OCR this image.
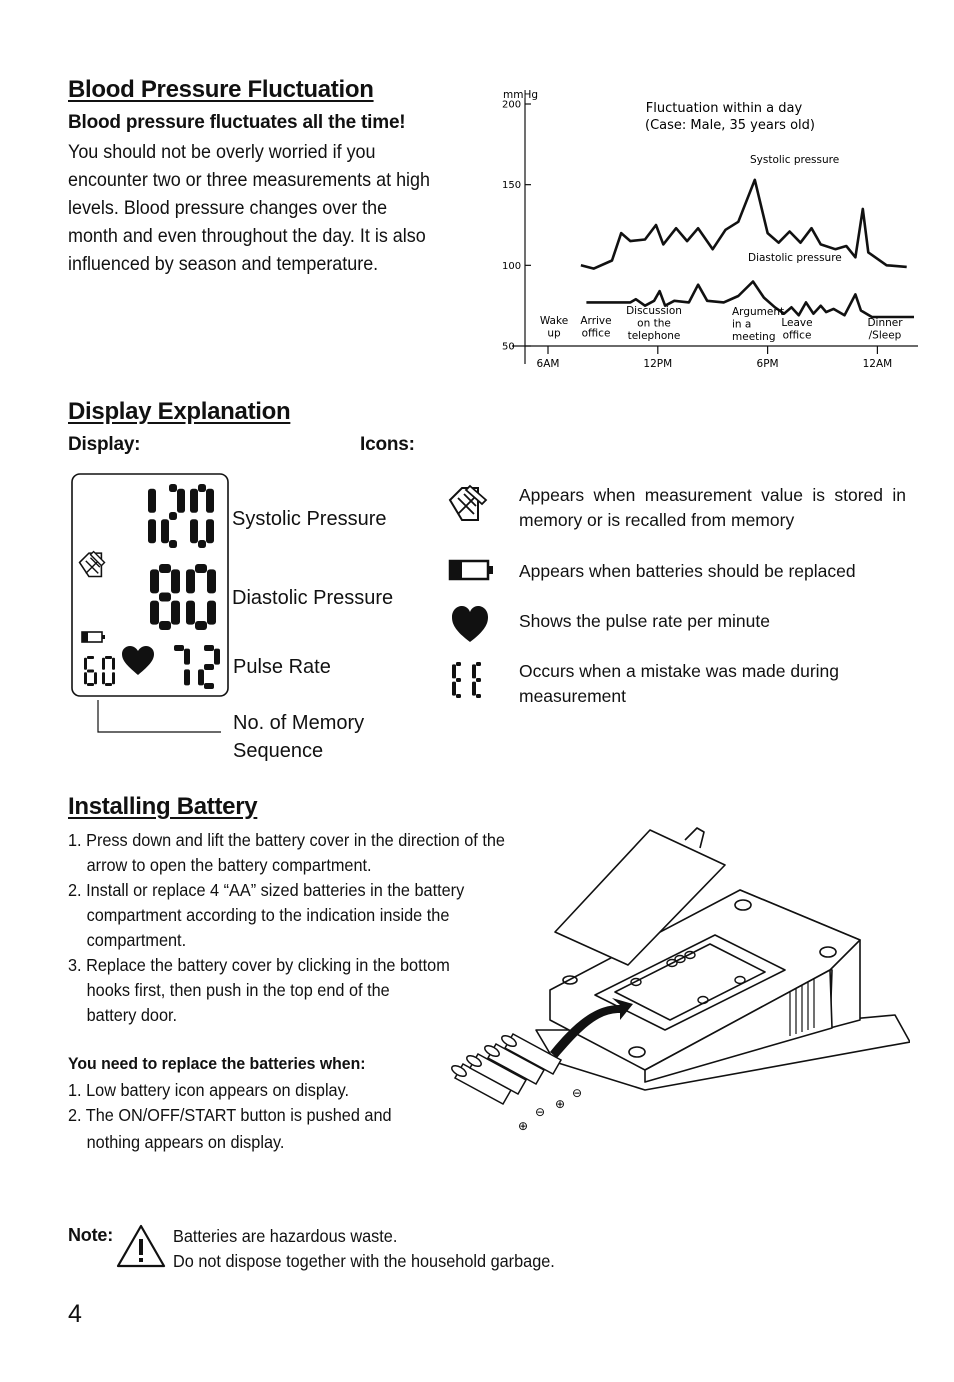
Blood Pressure Fluctuation
Blood pressure fluctuates all the time!
You should not be overly worried if you
encounter two or three measurements at high
levels. Blood pressure changes over the
month and even throughout the day. It is also
influenced by season and temperature.
mmHg
Fluctuation within a day
(Case: Male, 35 years old)
200
150
100
50
6AM	12PM	6PM	12AM
Systolic pressure
Diastolic pressure
Wake up
Arrive office
Discussion on the telephone
Argument in a meeting
Leave office
Dinner /Sleep
Display Explanation
Display:	Icons:
Systolic Pressure
Diastolic Pressure
Pulse Rate
No. of Memory
Sequence
Appears when measurement value is stored in memory or is recalled from memory
Appears when batteries should be replaced
Shows the pulse rate per minute
Occurs when a mistake was made during
measurement
Installing Battery
1. Press down and lift the battery cover in the direction of the
arrow to open the battery compartment.
2. Install or replace 4 “AA” sized batteries in the battery
compartment according to the indication inside the
compartment.
3. Replace the battery cover by clicking in the bottom
hooks first, then push in the top end of the
battery door.
You need to replace the batteries when:
1. Low battery icon appears on display.
2. The ON/OFF/START button is pushed and
nothing appears on display.
⊕
⊖
⊕
⊖
Note:	Batteries are hazardous waste.
Do not dispose together with the household garbage.
4
